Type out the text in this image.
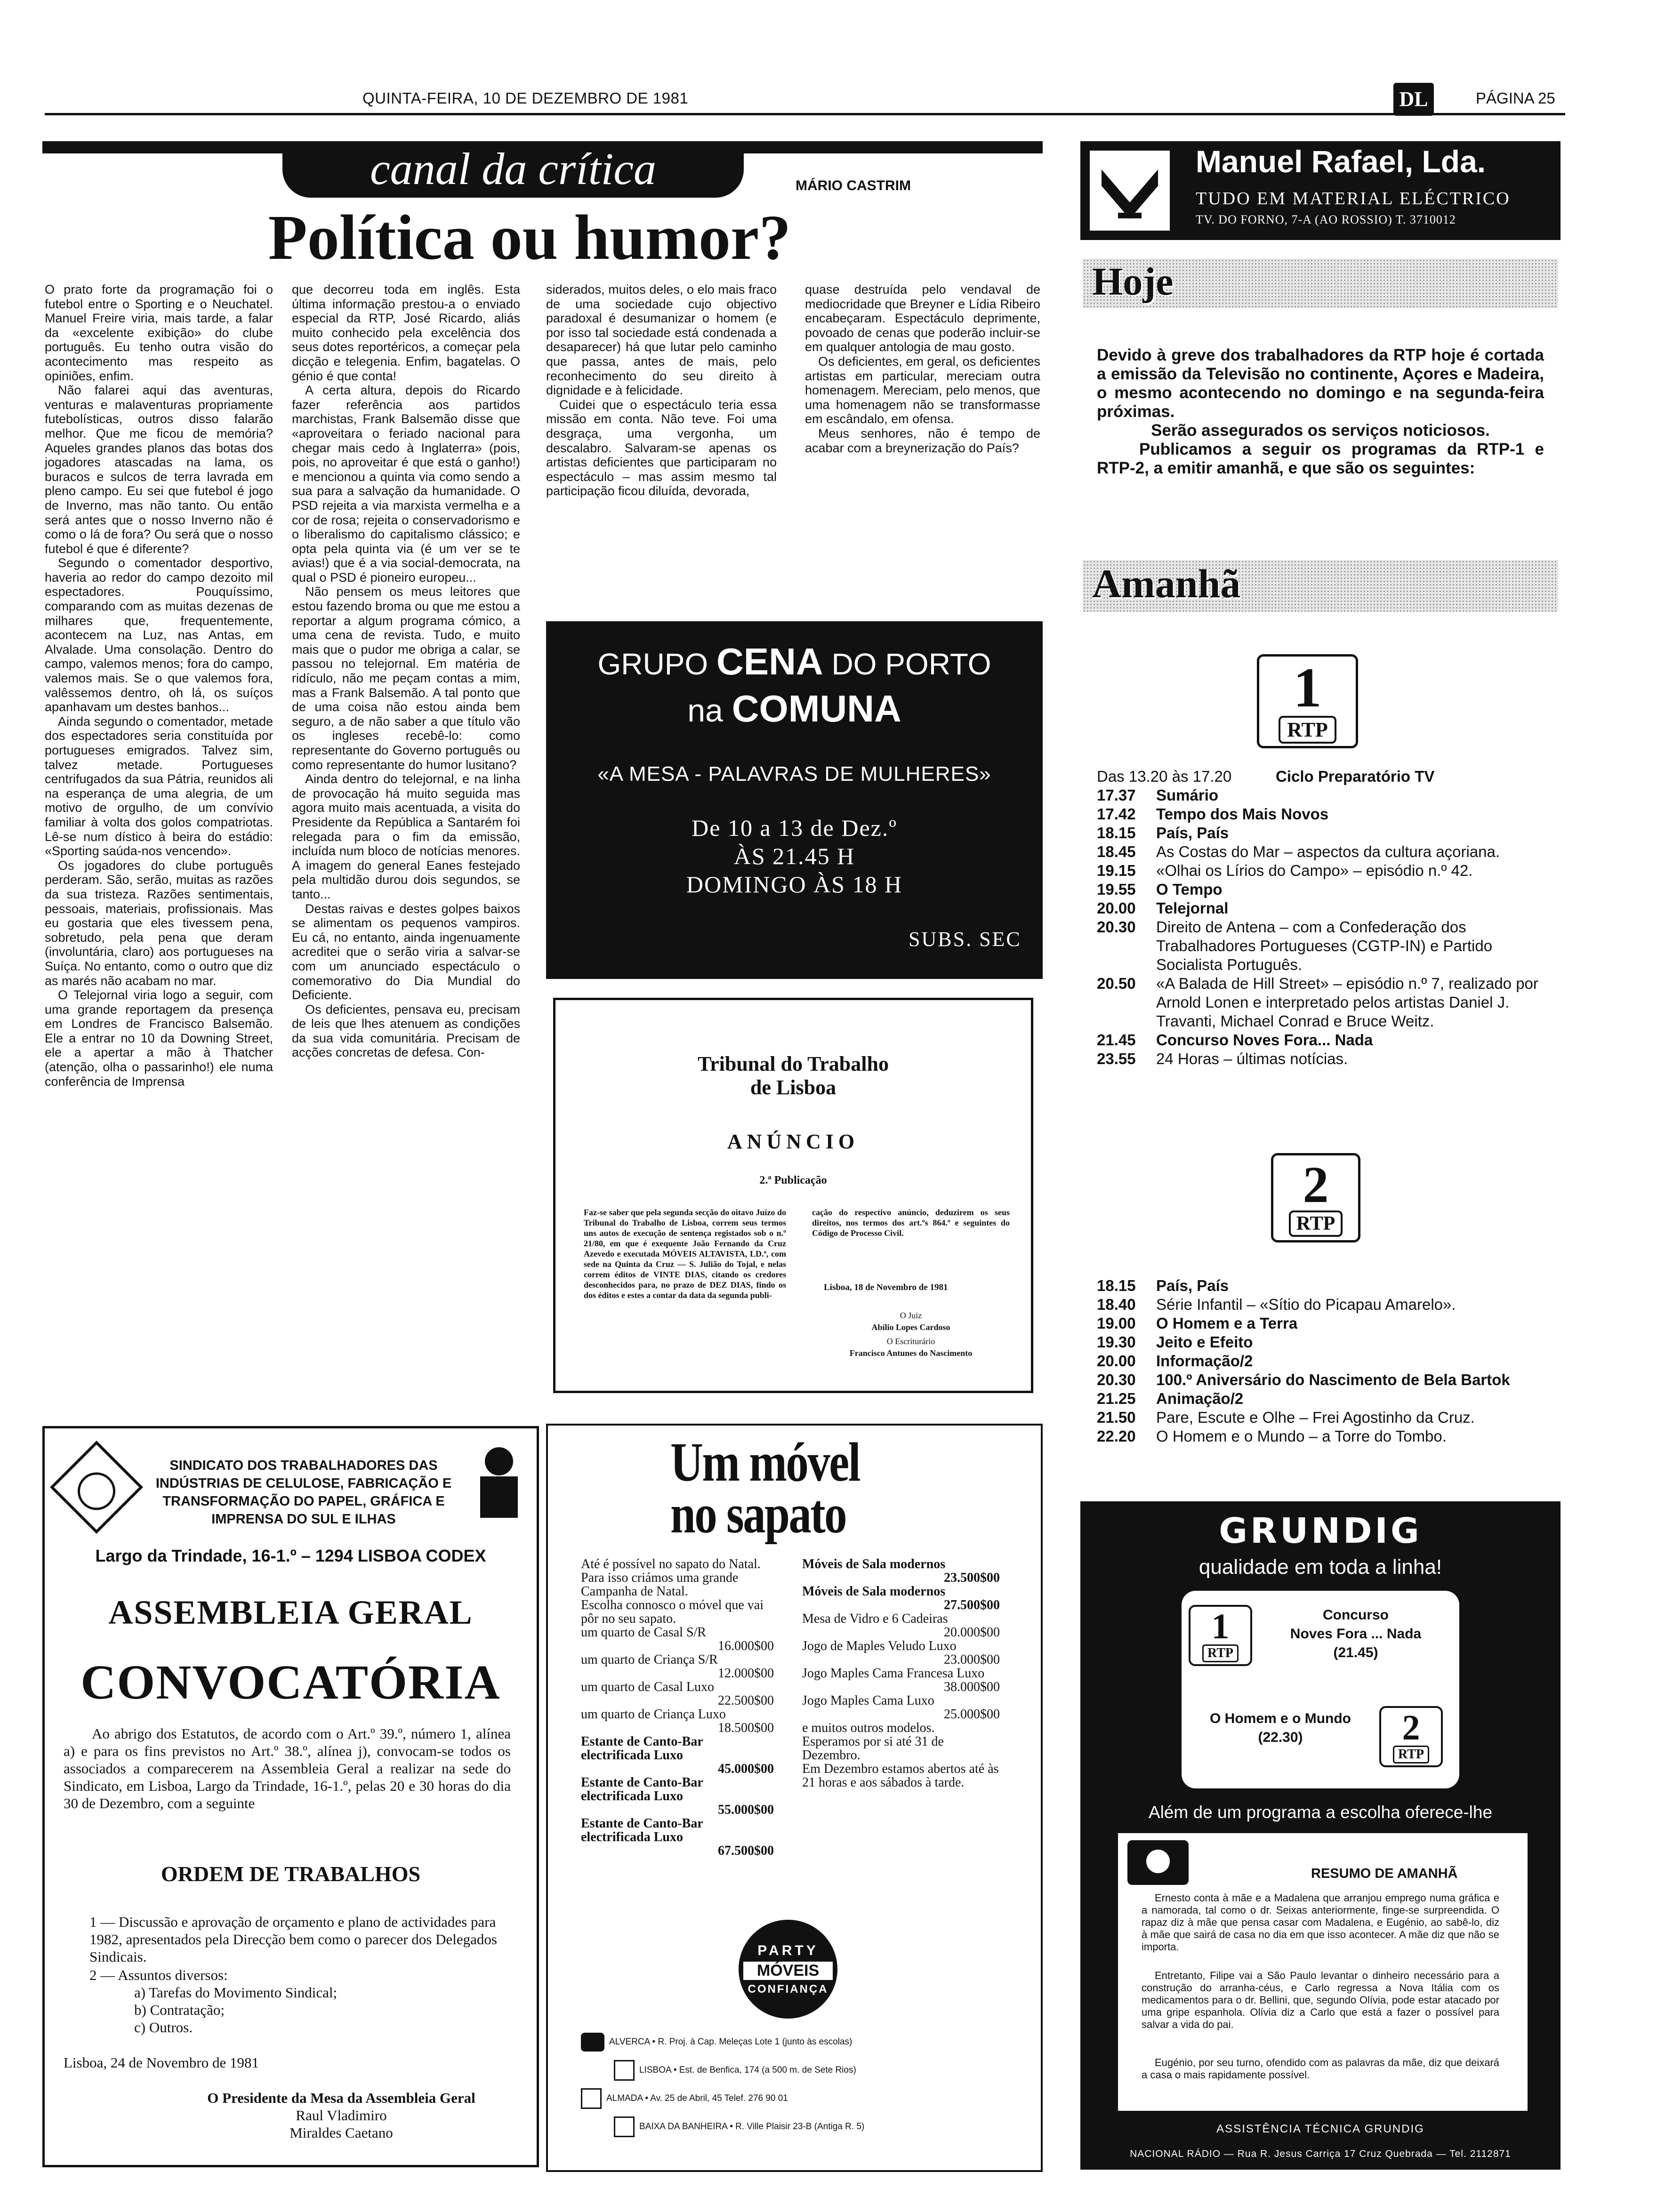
QUINTA-FEIRA, 10 DE DEZEMBRO DE 1981	DL	PÁGINA 25
canal da crítica	MÁRIO CASTRIM
Política ou humor?

O prato forte da programação foi o futebol entre o Sporting e o Neuchatel. Manuel Freire viria, mais tarde, a falar da «excelente exibição» do clube português. Eu tenho outra visão do acontecimento mas respeito as opiniões, enfim.

Não falarei aqui das aventuras, venturas e malaventuras propriamente futebolísticas, outros disso falarão melhor. Que me ficou de memória? Aqueles grandes planos das botas dos jogadores atascadas na lama, os buracos e sulcos de terra lavrada em pleno campo. Eu sei que futebol é jogo de Inverno, mas não tanto. Ou então será antes que o nosso Inverno não é como o lá de fora? Ou será que o nosso futebol é que é diferente?

Segundo o comentador desportivo, haveria ao redor do campo dezoito mil espectadores. Pouquíssimo, comparando com as muitas dezenas de milhares que, frequentemente, acontecem na Luz, nas Antas, em Alvalade. Uma consolação. Dentro do campo, valemos menos; fora do campo, valemos mais. Se o que valemos fora, valêssemos dentro, oh lá, os suíços apanhavam um destes banhos...

Ainda segundo o comentador, metade dos espectadores seria constituída por portugueses emigrados. Talvez sim, talvez metade. Portugueses centrifugados da sua Pátria, reunidos ali na esperança de uma alegria, de um motivo de orgulho, de um convívio familiar à volta dos golos compatriotas. Lê-se num dístico à beira do estádio: «Sporting saúda-nos vencendo».

Os jogadores do clube português perderam. São, serão, muitas as razões da sua tristeza. Razões sentimentais, pessoais, materiais, profissionais. Mas eu gostaria que eles tivessem pena, sobretudo, pela pena que deram (involuntária, claro) aos portugueses na Suíça. No entanto, como o outro que diz as marés não acabam no mar.

O Telejornal viria logo a seguir, com uma grande reportagem da presença em Londres de Francisco Balsemão. Ele a entrar no 10 da Downing Street, ele a apertar a mão à Thatcher (atenção, olha o passarinho!) ele numa conferência de Imprensa

que decorreu toda em inglês. Esta última informação prestou-a o enviado especial da RTP, José Ricardo, aliás muito conhecido pela excelência dos seus dotes reportéricos, a começar pela dicção e telegenia. Enfim, bagatelas. O génio é que conta!

A certa altura, depois do Ricardo fazer referência aos partidos marchistas, Frank Balsemão disse que «aproveitara o feriado nacional para chegar mais cedo à Inglaterra» (pois, pois, no aproveitar é que está o ganho!) e mencionou a quinta via como sendo a sua para a salvação da humanidade. O PSD rejeita a via marxista vermelha e a cor de rosa; rejeita o conservadorismo e o liberalismo do capitalismo clássico; e opta pela quinta via (é um ver se te avias!) que é a via social-democrata, na qual o PSD é pioneiro europeu...

Não pensem os meus leitores que estou fazendo broma ou que me estou a reportar a algum programa cómico, a uma cena de revista. Tudo, e muito mais que o pudor me obriga a calar, se passou no telejornal. Em matéria de ridículo, não me peçam contas a mim, mas a Frank Balsemão. A tal ponto que de uma coisa não estou ainda bem seguro, a de não saber a que título vão os ingleses recebê-lo: como representante do Governo português ou como representante do humor lusitano?

Ainda dentro do telejornal, e na linha de provocação há muito seguida mas agora muito mais acentuada, a visita do Presidente da República a Santarém foi relegada para o fim da emissão, incluída num bloco de notícias menores. A imagem do general Eanes festejado pela multidão durou dois segundos, se tanto...

Destas raivas e destes golpes baixos se alimentam os pequenos vampiros. Eu cá, no entanto, ainda ingenuamente acreditei que o serão viria a salvar-se com um anunciado espectáculo o comemorativo do Dia Mundial do Deficiente.

Os deficientes, pensava eu, precisam de leis que lhes atenuem as condições da sua vida comunitária. Precisam de acções concretas de defesa. Con-

siderados, muitos deles, o elo mais fraco de uma sociedade cujo objectivo paradoxal é desumanizar o homem (e por isso tal sociedade está condenada a desaparecer) há que lutar pelo caminho que passa, antes de mais, pelo reconhecimento do seu direito à dignidade e à felicidade.

Cuidei que o espectáculo teria essa missão em conta. Não teve. Foi uma desgraça, uma vergonha, um descalabro. Salvaram-se apenas os artistas deficientes que participaram no espectáculo – mas assim mesmo tal participação ficou diluída, devorada,

quase destruída pelo vendaval de mediocridade que Breyner e Lídia Ribeiro encabeçaram. Espectáculo deprimente, povoado de cenas que poderão incluir-se em qualquer antologia de mau gosto.

Os deficientes, em geral, os deficientes artistas em particular, mereciam outra homenagem. Mereciam, pelo menos, que uma homenagem não se transformasse em escândalo, em ofensa.

Meus senhores, não é tempo de acabar com a breynerização do País?

GRUPO CENA DO PORTO
na COMUNA
«A MESA - PALAVRAS DE MULHERES»
De 10 a 13 de Dez.º
ÀS 21.45 H
DOMINGO ÀS 18 H
SUBS. SEC
Tribunal do Trabalho
de Lisboa
ANÚNCIO
2.ª Publicação
Faz-se saber que pela segunda secção do oitavo Juízo do Tribunal do Trabalho de Lisboa, correm seus termos uns autos de execução de sentença registados sob o n.º 21/80, em que é exequente João Fernando da Cruz Azevedo e executada MÓVEIS ALTAVISTA, LD.ª, com sede na Quinta da Cruz — S. Julião do Tojal, e nelas correm éditos de VINTE DIAS, citando os credores desconhecidos para, no prazo de DEZ DIAS, findo os dos éditos e estes a contar da data da segunda publi-
cação do respectivo anúncio, deduzirem os seus direitos, nos termos dos art.ºs 864.º e seguintes do Código de Processo Civil.
Lisboa, 18 de Novembro de 1981
O Juiz
Abílio Lopes Cardoso
O Escriturário
Francisco Antunes do Nascimento
SINDICATO DOS TRABALHADORES DAS INDÚSTRIAS DE CELULOSE, FABRICAÇÃO E TRANSFORMAÇÃO DO PAPEL, GRÁFICA E IMPRENSA DO SUL E ILHAS
Largo da Trindade, 16-1.º – 1294 LISBOA CODEX
ASSEMBLEIA GERAL
CONVOCATÓRIA
Ao abrigo dos Estatutos, de acordo com o Art.º 39.º, número 1, alínea a) e para os fins previstos no Art.º 38.º, alínea j), convocam-se todos os associados a comparecerem na Assembleia Geral a realizar na sede do Sindicato, em Lisboa, Largo da Trindade, 16-1.º, pelas 20 e 30 horas do dia 30 de Dezembro, com a seguinte
ORDEM DE TRABALHOS
1 — Discussão e aprovação de orçamento e plano de actividades para 1982, apresentados pela Direcção bem como o parecer dos Delegados Sindicais.
2 — Assuntos diversos:
a) Tarefas do Movimento Sindical;
b) Contratação;
c) Outros.
Lisboa, 24 de Novembro de 1981
O Presidente da Mesa da Assembleia Geral
Raul Vladimiro
Miraldes Caetano
Um móvel
no sapato
Até é possível no sapato do Natal.
Para isso criámos uma grande Campanha de Natal.
Escolha connosco o móvel que vai pôr no seu sapato.
um quarto de Casal S/R
16.000$00
um quarto de Criança S/R
12.000$00
um quarto de Casal Luxo
22.500$00
um quarto de Criança Luxo
18.500$00
Estante de Canto-Bar electrificada Luxo
45.000$00
Estante de Canto-Bar electrificada Luxo
55.000$00
Estante de Canto-Bar electrificada Luxo
67.500$00
Móveis de Sala modernos
23.500$00
Móveis de Sala modernos
27.500$00
Mesa de Vidro e 6 Cadeiras
20.000$00
Jogo de Maples Veludo Luxo
23.000$00
Jogo Maples Cama Francesa Luxo
38.000$00
Jogo Maples Cama Luxo
25.000$00
e muitos outros modelos.
Esperamos por si até 31 de Dezembro.
Em Dezembro estamos abertos até às 21 horas e aos sábados à tarde.
PARTY
MÓVEIS
CONFIANÇA
ALVERCA • R. Proj. à Cap. Meleças Lote 1 (junto às escolas)
LISBOA • Est. de Benfica, 174 (a 500 m. de Sete Rios)
ALMADA • Av. 25 de Abril, 45 Telef. 276 90 01
BAIXA DA BANHEIRA • R. Ville Plaisir 23-B (Antiga R. 5)
Manuel Rafael, Lda.
TUDO EM MATERIAL ELÉCTRICO
TV. DO FORNO, 7-A (AO ROSSIO) T. 3710012
Hoje
Devido à greve dos trabalhadores da RTP hoje é cortada a emissão da Televisão no continente, Açores e Madeira, o mesmo acontecendo no domingo e na segunda-feira próximas.
Serão assegurados os serviços noticiosos.
Publicamos a seguir os programas da RTP-1 e RTP-2, a emitir amanhã, e que são os seguintes:
Amanhã
1
RTP
Das 13.20 às 17.20	Ciclo Preparatório TV
17.37	Sumário
17.42	Tempo dos Mais Novos
18.15	País, País
18.45	As Costas do Mar – aspectos da cultura açoriana.
19.15	«Olhai os Lírios do Campo» – episódio n.º 42.
19.55	O Tempo
20.00	Telejornal
20.30	Direito de Antena – com a Confederação dos Trabalhadores Portugueses (CGTP-IN) e Partido Socialista Português.
20.50	«A Balada de Hill Street» – episódio n.º 7, realizado por Arnold Lonen e interpretado pelos artistas Daniel J. Travanti, Michael Conrad e Bruce Weitz.
21.45	Concurso Noves Fora... Nada
23.55	24 Horas – últimas notícias.
2
RTP
18.15	País, País
18.40	Série Infantil – «Sítio do Picapau Amarelo».
19.00	O Homem e a Terra
19.30	Jeito e Efeito
20.00	Informação/2
20.30	100.º Aniversário do Nascimento de Bela Bartok
21.25	Animação/2
21.50	Pare, Escute e Olhe – Frei Agostinho da Cruz.
22.20	O Homem e o Mundo – a Torre do Tombo.
GRUNDIG
qualidade em toda a linha!
1
RTP
Concurso
Noves Fora ... Nada
(21.45)
O Homem e o Mundo
(22.30)	2
RTP
Além de um programa a escolha oferece-lhe
RESUMO DE AMANHÃ
Ernesto conta à mãe e a Madalena que arranjou emprego numa gráfica e a namorada, tal como o dr. Seixas anteriormente, finge-se surpreendida. O rapaz diz à mãe que pensa casar com Madalena, e Eugénio, ao sabê-lo, diz à mãe que sairá de casa no dia em que isso acontecer. A mãe diz que não se importa.
Entretanto, Filipe vai a São Paulo levantar o dinheiro necessário para a construção do arranha-céus, e Carlo regressa a Nova Itália com os medicamentos para o dr. Bellini, que, segundo Olívia, pode estar atacado por uma gripe espanhola. Olívia diz a Carlo que está a fazer o possível para salvar a vida do pai.
Eugénio, por seu turno, ofendido com as palavras da mãe, diz que deixará a casa o mais rapidamente possível.
ASSISTÊNCIA TÉCNICA GRUNDIG
NACIONAL RÁDIO — Rua R. Jesus Carriça 17 Cruz Quebrada — Tel. 2112871
